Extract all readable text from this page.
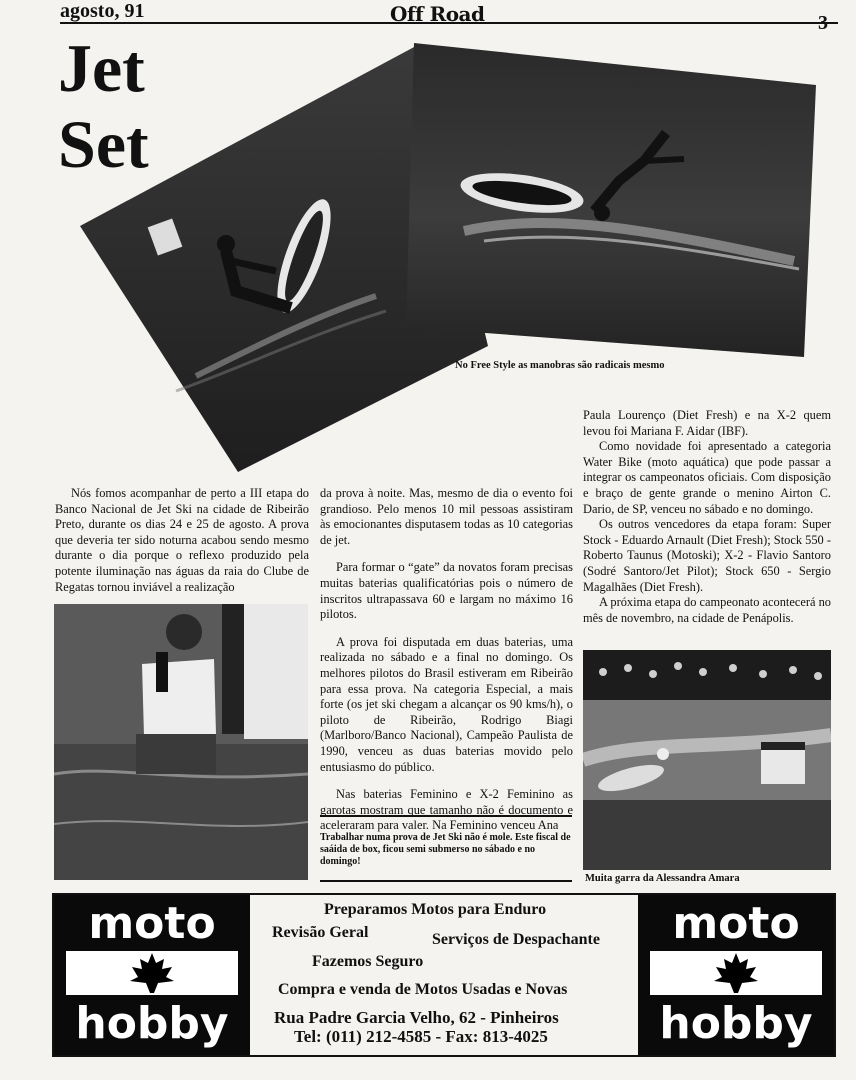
agosto, 91	Off Road	3
Jet
Set
No Free Style as manobras são radicais mesmo

Nós fomos acompanhar de perto a III etapa do Banco Nacional de Jet Ski na cidade de Ribeirão Preto, durante os dias 24 e 25 de agosto. A prova que deveria ter sido noturna acabou sendo mesmo durante o dia porque o reflexo produzido pela potente iluminação nas águas da raia do Clube de Regatas tornou inviável a realização

da prova à noite. Mas, mesmo de dia o evento foi grandioso. Pelo menos 10 mil pessoas assistiram às emocionantes disputasem todas as 10 categorias de jet.

Para formar o “gate” da novatos foram precisas muitas baterias qualificatórias pois o número de inscritos ultrapassava 60 e largam no máximo 16 pilotos.

A prova foi disputada em duas baterias, uma realizada no sábado e a final no domingo. Os melhores pilotos do Brasil estiveram em Ribeirão para essa prova. Na categoria Especial, a mais forte (os jet ski chegam a alcançar os 90 kms/h), o piloto de Ribeirão, Rodrigo Biagi (Marlboro/Banco Nacional), Campeão Paulista de 1990, venceu as duas baterias movido pelo entusiasmo do público.

Nas baterias Feminino e X-2 Feminino as garotas mostram que tamanho não é documento e aceleraram para valer. Na Feminino venceu Ana

Paula Lourenço (Diet Fresh) e na X-2 quem levou foi Mariana F. Aidar (IBF).

Como novidade foi apresentado a categoria Water Bike (moto aquática) que pode passar a integrar os campeonatos oficiais. Com disposição e braço de gente grande o menino Airton C. Dario, de SP, venceu no sábado e no domingo.

Os outros vencedores da etapa foram: Super Stock - Eduardo Arnault (Diet Fresh); Stock 550 - Roberto Taunus (Motoski); X-2 - Flavio Santoro (Sodré Santoro/Jet Pilot); Stock 650 - Sergio Magalhães (Diet Fresh).

A próxima etapa do campeonato acontecerá no mês de novembro, na cidade de Penápolis.

Trabalhar numa prova de Jet Ski não é mole. Este fiscal de saáida de box, ficou semi submerso no sábado e no domingo!
Muita garra da Alessandra Amara
moto
hobby
moto
hobby
Preparamos Motos para Enduro
Revisão Geral	Serviços de Despachante
Fazemos Seguro
Compra e venda de Motos Usadas e Novas
Rua Padre Garcia Velho, 62 - Pinheiros
Tel: (011) 212-4585 - Fax: 813-4025
